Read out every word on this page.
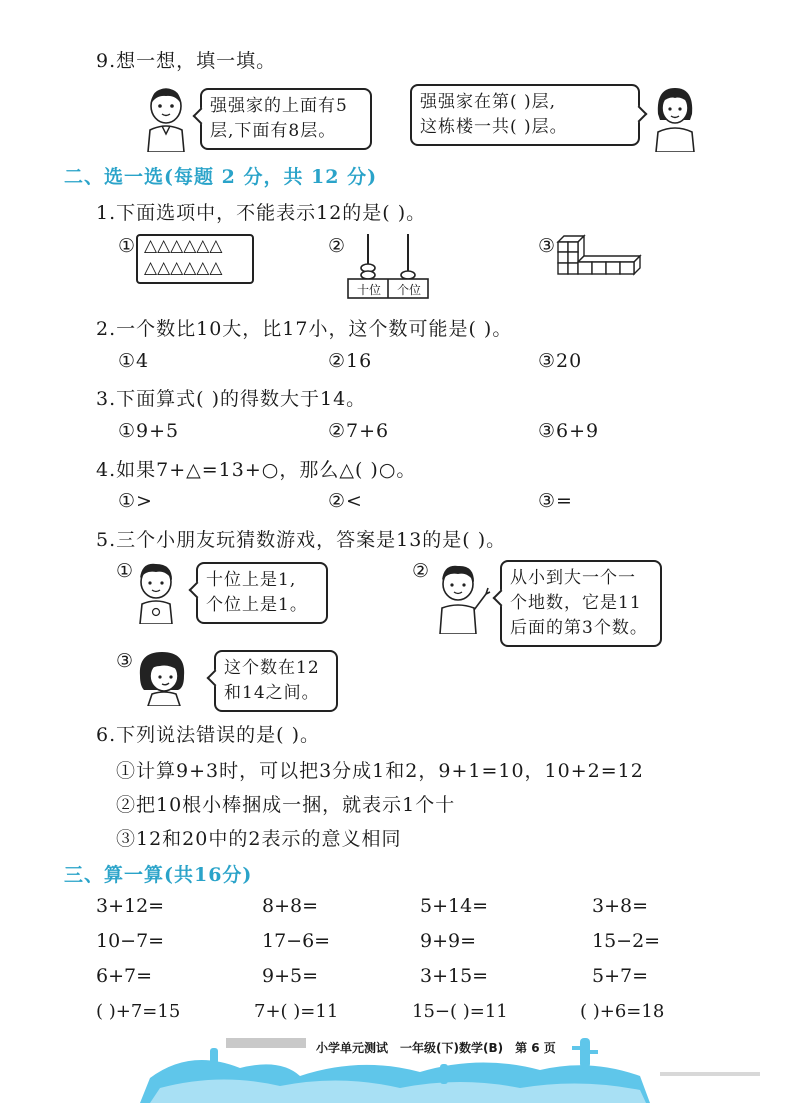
9.想一想，填一填。
强强家的上面有5
层,下面有8层。
强强家在第( )层,
这栋楼一共( )层。
二、选一选(每题 2 分，共 12 分)
1.下面选项中，不能表示12的是( )。
① △△△△△△
△△△△△△
②
十位	个位
③
2.一个数比10大，比17小，这个数可能是( )。
①4	②16	③20
3.下面算式( )的得数大于14。
①9+5	②7+6	③6+9
4.如果7+△=13+○，那么△( )○。
①>	②<	③=
5.三个小朋友玩猜数游戏，答案是13的是( )。
①	十位上是1,
个位上是1。
②	从小到大一个一
个地数，它是11
后面的第3个数。
③	这个数在12
和14之间。
6.下列说法错误的是( )。
①计算9+3时，可以把3分成1和2，9+1=10，10+2=12
②把10根小棒捆成一捆，就表示1个十
③12和20中的2表示的意义相同
三、算一算(共16分)
3+12=	8+8=	5+14=	3+8=
10−7=	17−6=	9+9=	15−2=
6+7=	9+5=	3+15=	5+7=
( )+7=15	7+( )=11	15−( )=11	( )+6=18
小学单元测试　一年级(下)数学(B)　第 6 页
